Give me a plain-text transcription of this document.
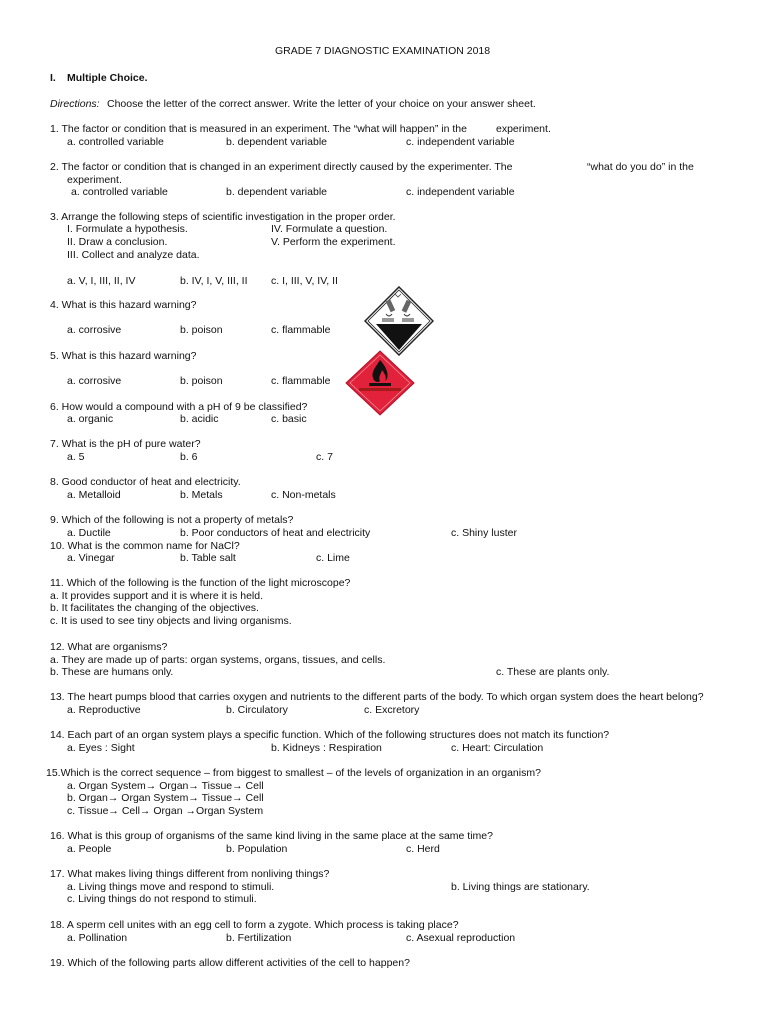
GRADE 7 DIAGNOSTIC EXAMINATION 2018
I. Multiple Choice.
Directions: Choose the letter of the correct answer. Write the letter of your choice on your answer sheet.
1. The factor or condition that is measured in an experiment. The “what will happen” in the	experiment.
a. controlled variable	b. dependent variable	c. independent variable
2. The factor or condition that is changed in an experiment directly caused by the experimenter. The	“what do you do” in the
experiment.
a. controlled variable	b. dependent variable	c. independent variable
3. Arrange the following steps of scientific investigation in the proper order.
I. Formulate a hypothesis.	IV. Formulate a question.
II. Draw a conclusion.	V. Perform the experiment.
III. Collect and analyze data.
a. V, I, III, II, IV	b. IV, I, V, III, II c. I, III, V, IV, II
4. What is this hazard warning?
a. corrosive	b. poison	c. flammable
5. What is this hazard warning?
a. corrosive	b. poison	c. flammable
6. How would a compound with a pH of 9 be classified?
a. organic	b. acidic	c. basic
7. What is the pH of pure water?
a. 5	b. 6	c. 7
8. Good conductor of heat and electricity.
a. Metalloid	b. Metals	c. Non-metals
9. Which of the following is not a property of metals?
a. Ductile	b. Poor conductors of heat and electricity	c. Shiny luster
10. What is the common name for NaCl?
a. Vinegar	b. Table salt	c. Lime
11. Which of the following is the function of the light microscope?
a. It provides support and it is where it is held.
b. It facilitates the changing of the objectives.
c. It is used to see tiny objects and living organisms.
12. What are organisms?
a. They are made up of parts: organ systems, organs, tissues, and cells.
b. These are humans only.	c. These are plants only.
13. The heart pumps blood that carries oxygen and nutrients to the different parts of the body. To which organ system does the heart belong?
a. Reproductive	b. Circulatory	c. Excretory
14. Each part of an organ system plays a specific function. Which of the following structures does not match its function?
a. Eyes : Sight	b. Kidneys : Respiration	c. Heart: Circulation
15.Which is the correct sequence – from biggest to smallest – of the levels of organization in an organism?
a. Organ System→ Organ→ Tissue→ Cell
b. Organ→ Organ System→ Tissue→ Cell
c. Tissue→ Cell→ Organ →Organ System
16. What is this group of organisms of the same kind living in the same place at the same time?
a. People	b. Population	c. Herd
17. What makes living things different from nonliving things?
a. Living things move and respond to stimuli.	b. Living things are stationary.
c. Living things do not respond to stimuli.
18. A sperm cell unites with an egg cell to form a zygote. Which process is taking place?
a. Pollination	b. Fertilization	c. Asexual reproduction
19. Which of the following parts allow different activities of the cell to happen?
